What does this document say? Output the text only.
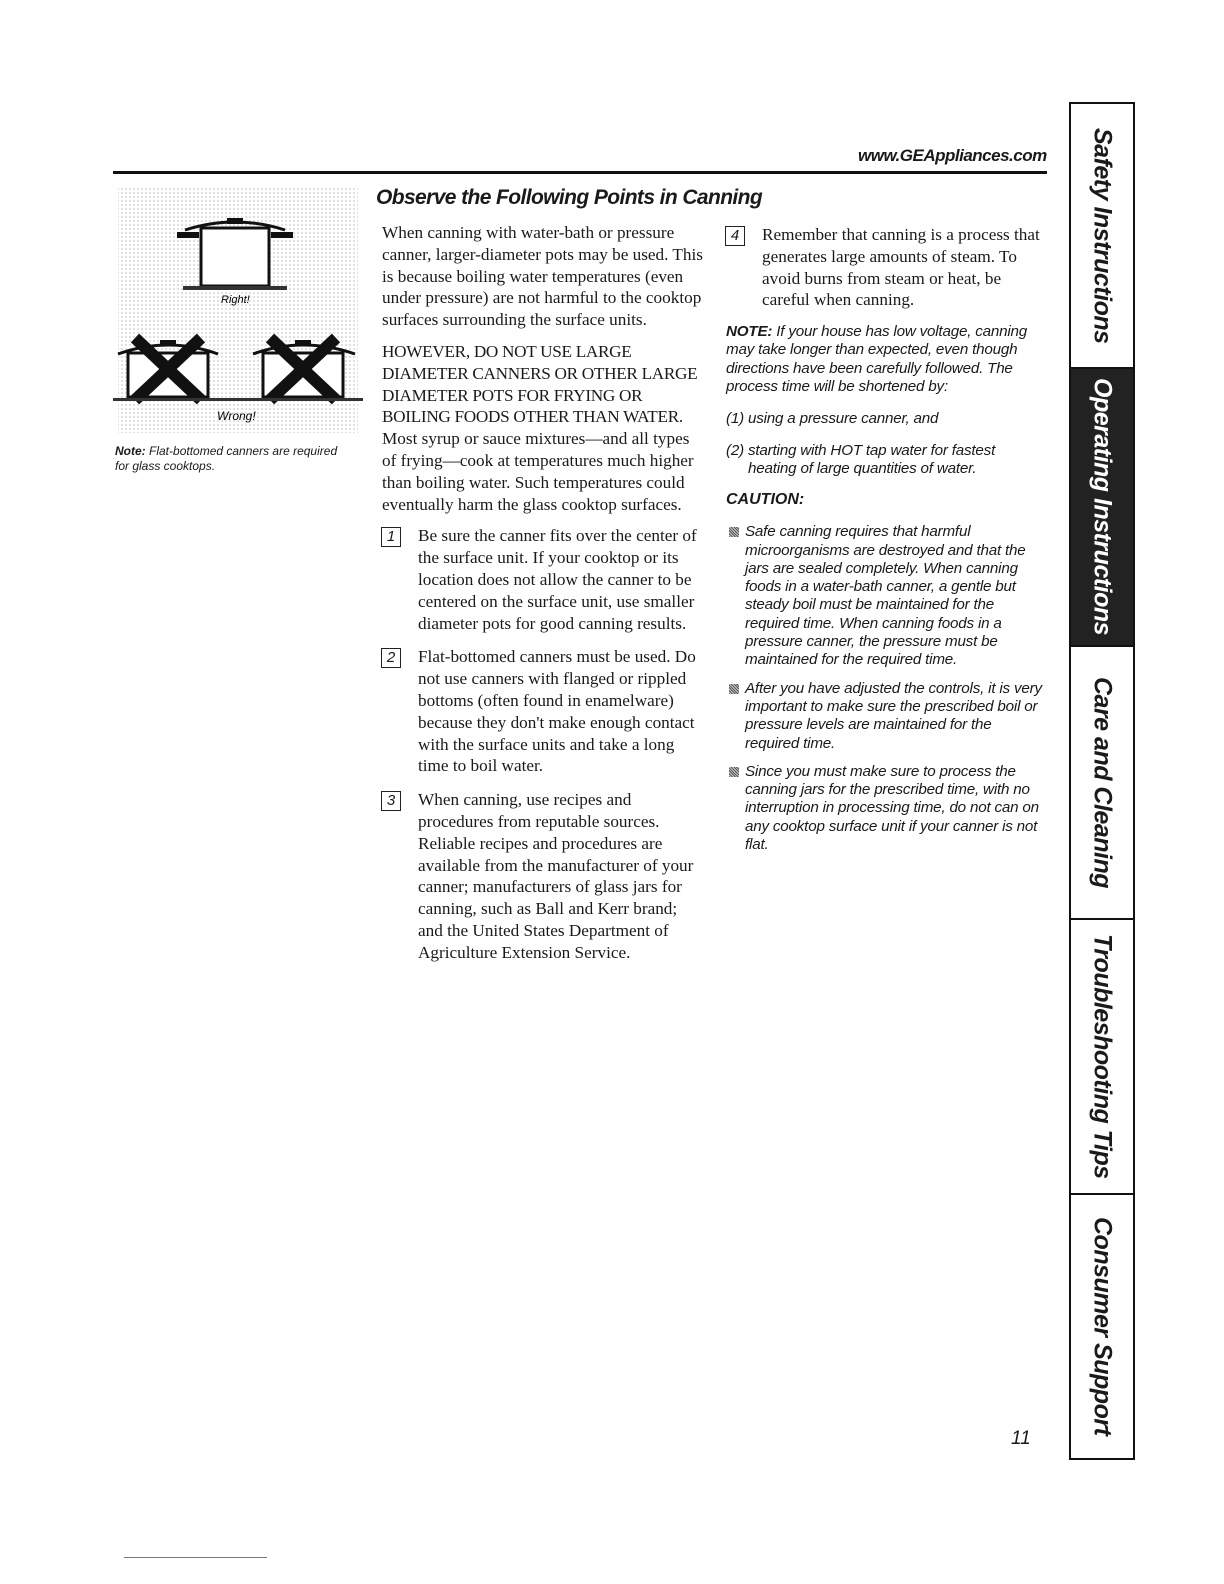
www.GEAppliances.com
Right!
Wrong!
Note: Flat-bottomed canners are required for glass cooktops.
Observe the Following Points in Canning

When canning with water-bath or pressure canner, larger-diameter pots may be used. This is because boiling water temperatures (even under pressure) are not harmful to the cooktop surfaces surrounding the surface units.

HOWEVER, DO NOT USE LARGE DIAMETER CANNERS OR OTHER LARGE DIAMETER POTS FOR FRYING OR BOILING FOODS OTHER THAN WATER. Most syrup or sauce mixtures—and all types of frying—cook at temperatures much higher than boiling water. Such temperatures could eventually harm the glass cooktop surfaces.

1	Be sure the canner fits over the center of the surface unit. If your cooktop or its location does not allow the canner to be centered on the surface unit, use smaller diameter pots for good canning results.
2	Flat-bottomed canners must be used. Do not use canners with flanged or rippled bottoms (often found in enamelware) because they don't make enough contact with the surface units and take a long time to boil water.
3	When canning, use recipes and procedures from reputable sources. Reliable recipes and procedures are available from the manufacturer of your canner; manufacturers of glass jars for canning, such as Ball and Kerr brand; and the United States Department of Agriculture Extension Service.
4	Remember that canning is a process that generates large amounts of steam. To avoid burns from steam or heat, be careful when canning.
NOTE: If your house has low voltage, canning may take longer than expected, even though directions have been carefully followed. The process time will be shortened by:
(1) using a pressure canner, and
(2) starting with HOT tap water for fastest heating of large quantities of water.
CAUTION:
Safe canning requires that harmful microorganisms are destroyed and that the jars are sealed completely. When canning foods in a water-bath canner, a gentle but steady boil must be maintained for the required time. When canning foods in a pressure canner, the pressure must be maintained for the required time.
After you have adjusted the controls, it is very important to make sure the prescribed boil or pressure levels are maintained for the required time.
Since you must make sure to process the canning jars for the prescribed time, with no interruption in processing time, do not can on any cooktop surface unit if your canner is not flat.
11
Safety Instructions
Operating Instructions
Care and Cleaning
Troubleshooting Tips
Consumer Support
